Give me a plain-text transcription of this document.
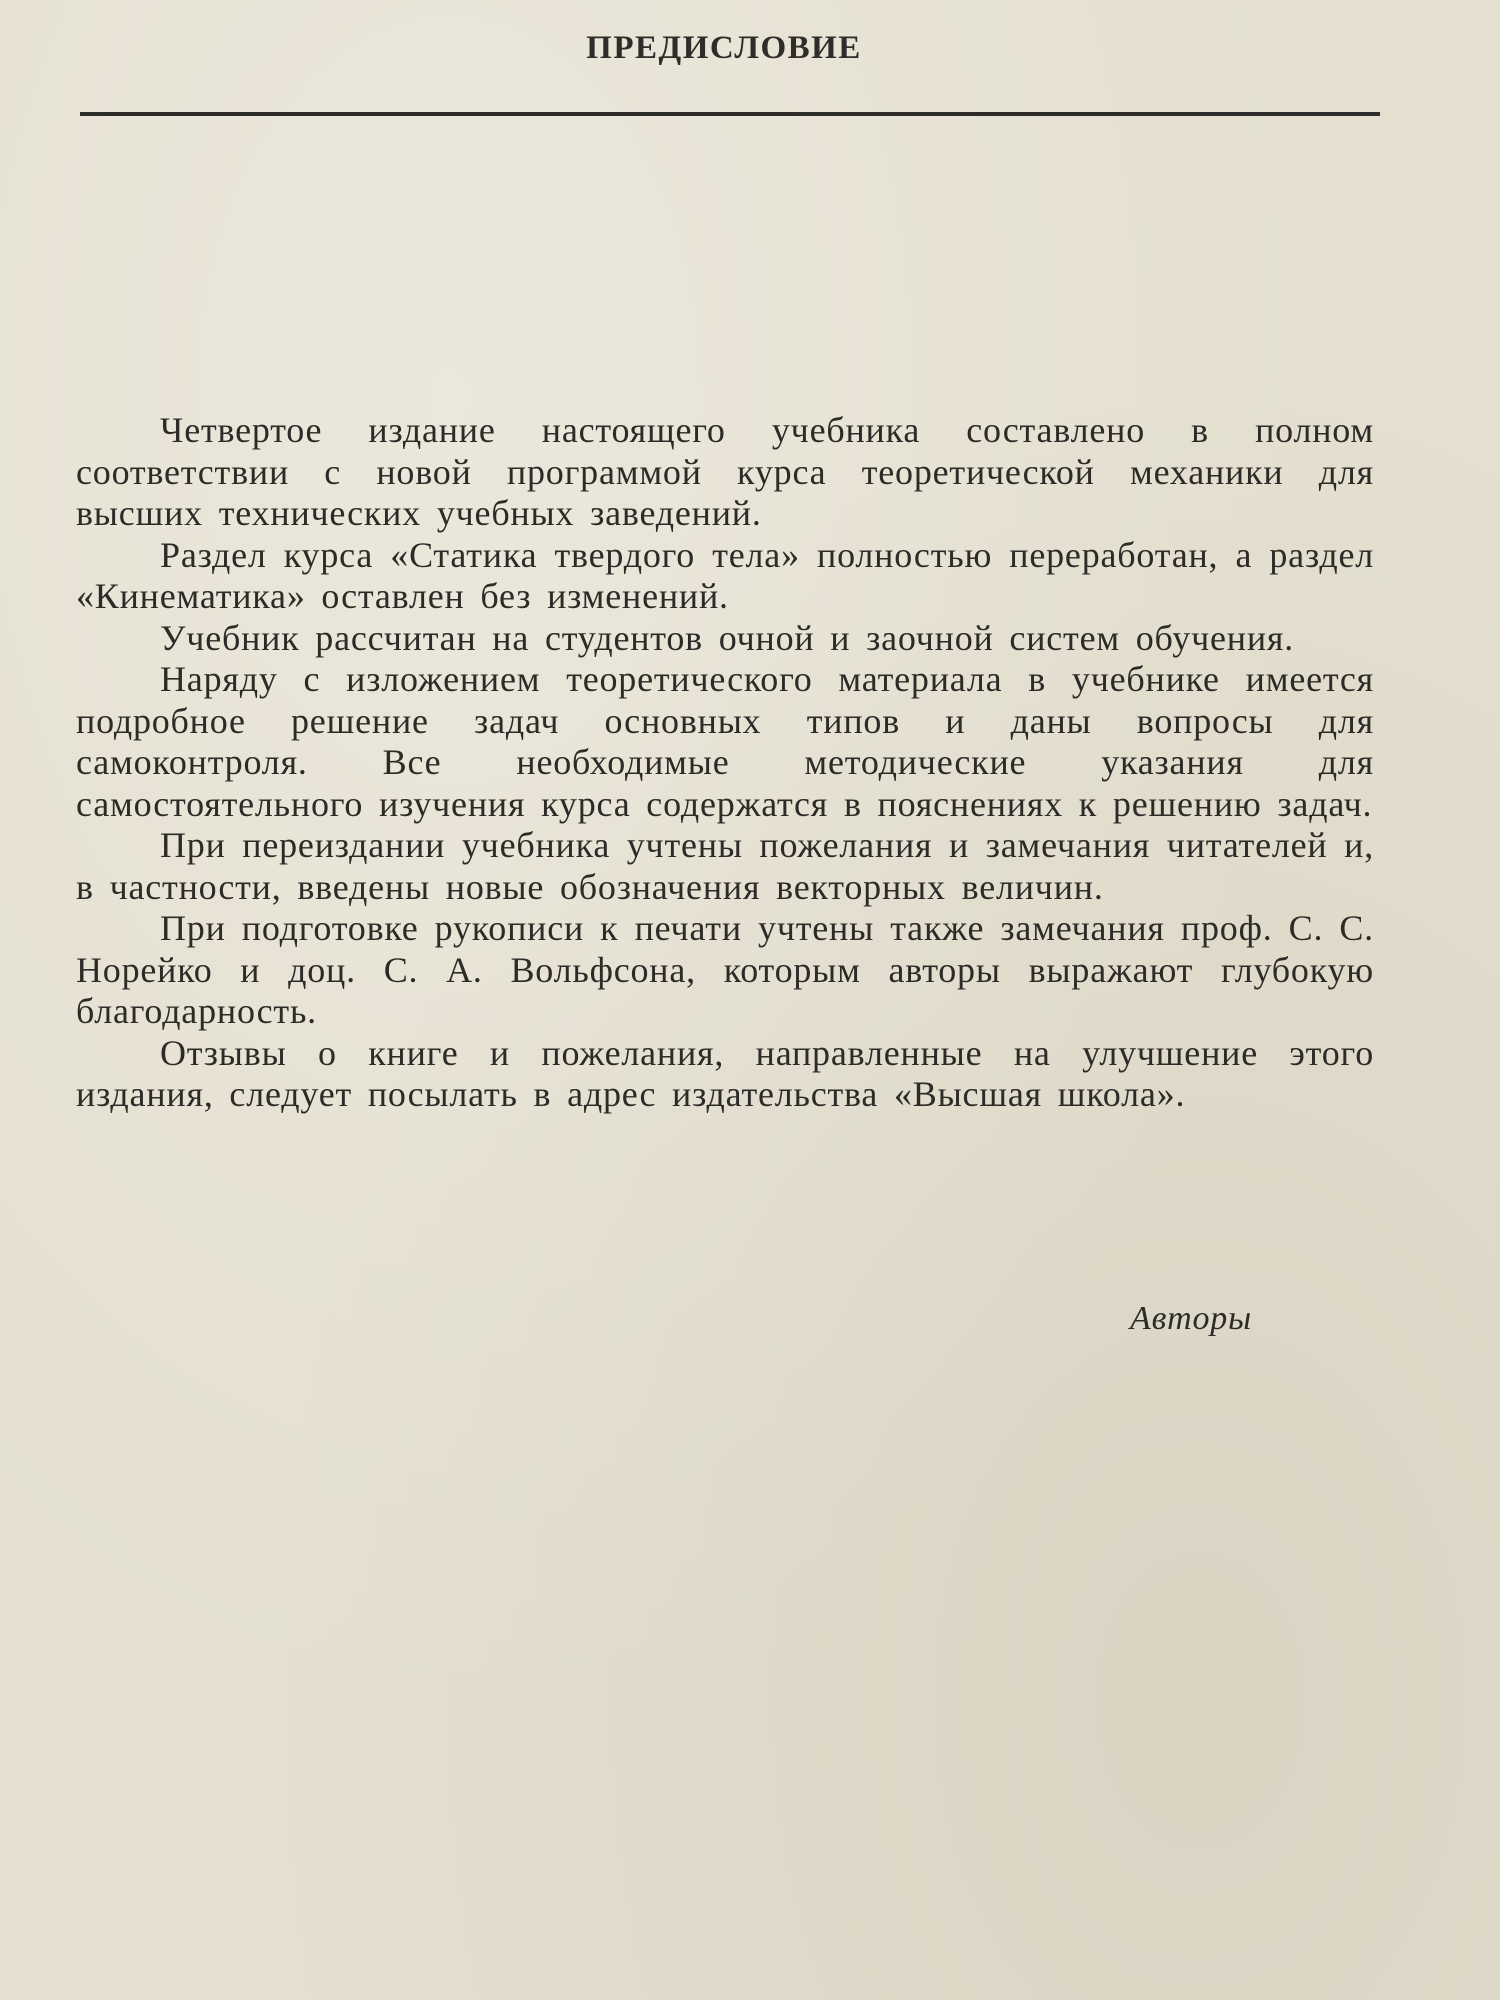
ПРЕДИСЛОВИЕ

Четвертое издание настоящего учебника составлено в полном соответствии с новой программой курса теоретической механики для высших технических учебных заведений.

Раздел курса «Статика твердого тела» полностью переработан, а раздел «Кинематика» оставлен без изменений.

Учебник рассчитан на студентов очной и заочной систем обучения.

Наряду с изложением теоретического материала в учебнике имеется подробное решение задач основных типов и даны вопросы для самоконтроля. Все необходимые методические указания для самостоятельного изучения курса содержатся в пояснениях к решению задач.

При переиздании учебника учтены пожелания и замечания читателей и, в частности, введены новые обозначения векторных величин.

При подготовке рукописи к печати учтены также замечания проф. С. С. Норейко и доц. С. А. Вольфсона, которым авторы выражают глубокую благодарность.

Отзывы о книге и пожелания, направленные на улучшение этого издания, следует посылать в адрес издательства «Высшая школа».

Авторы
